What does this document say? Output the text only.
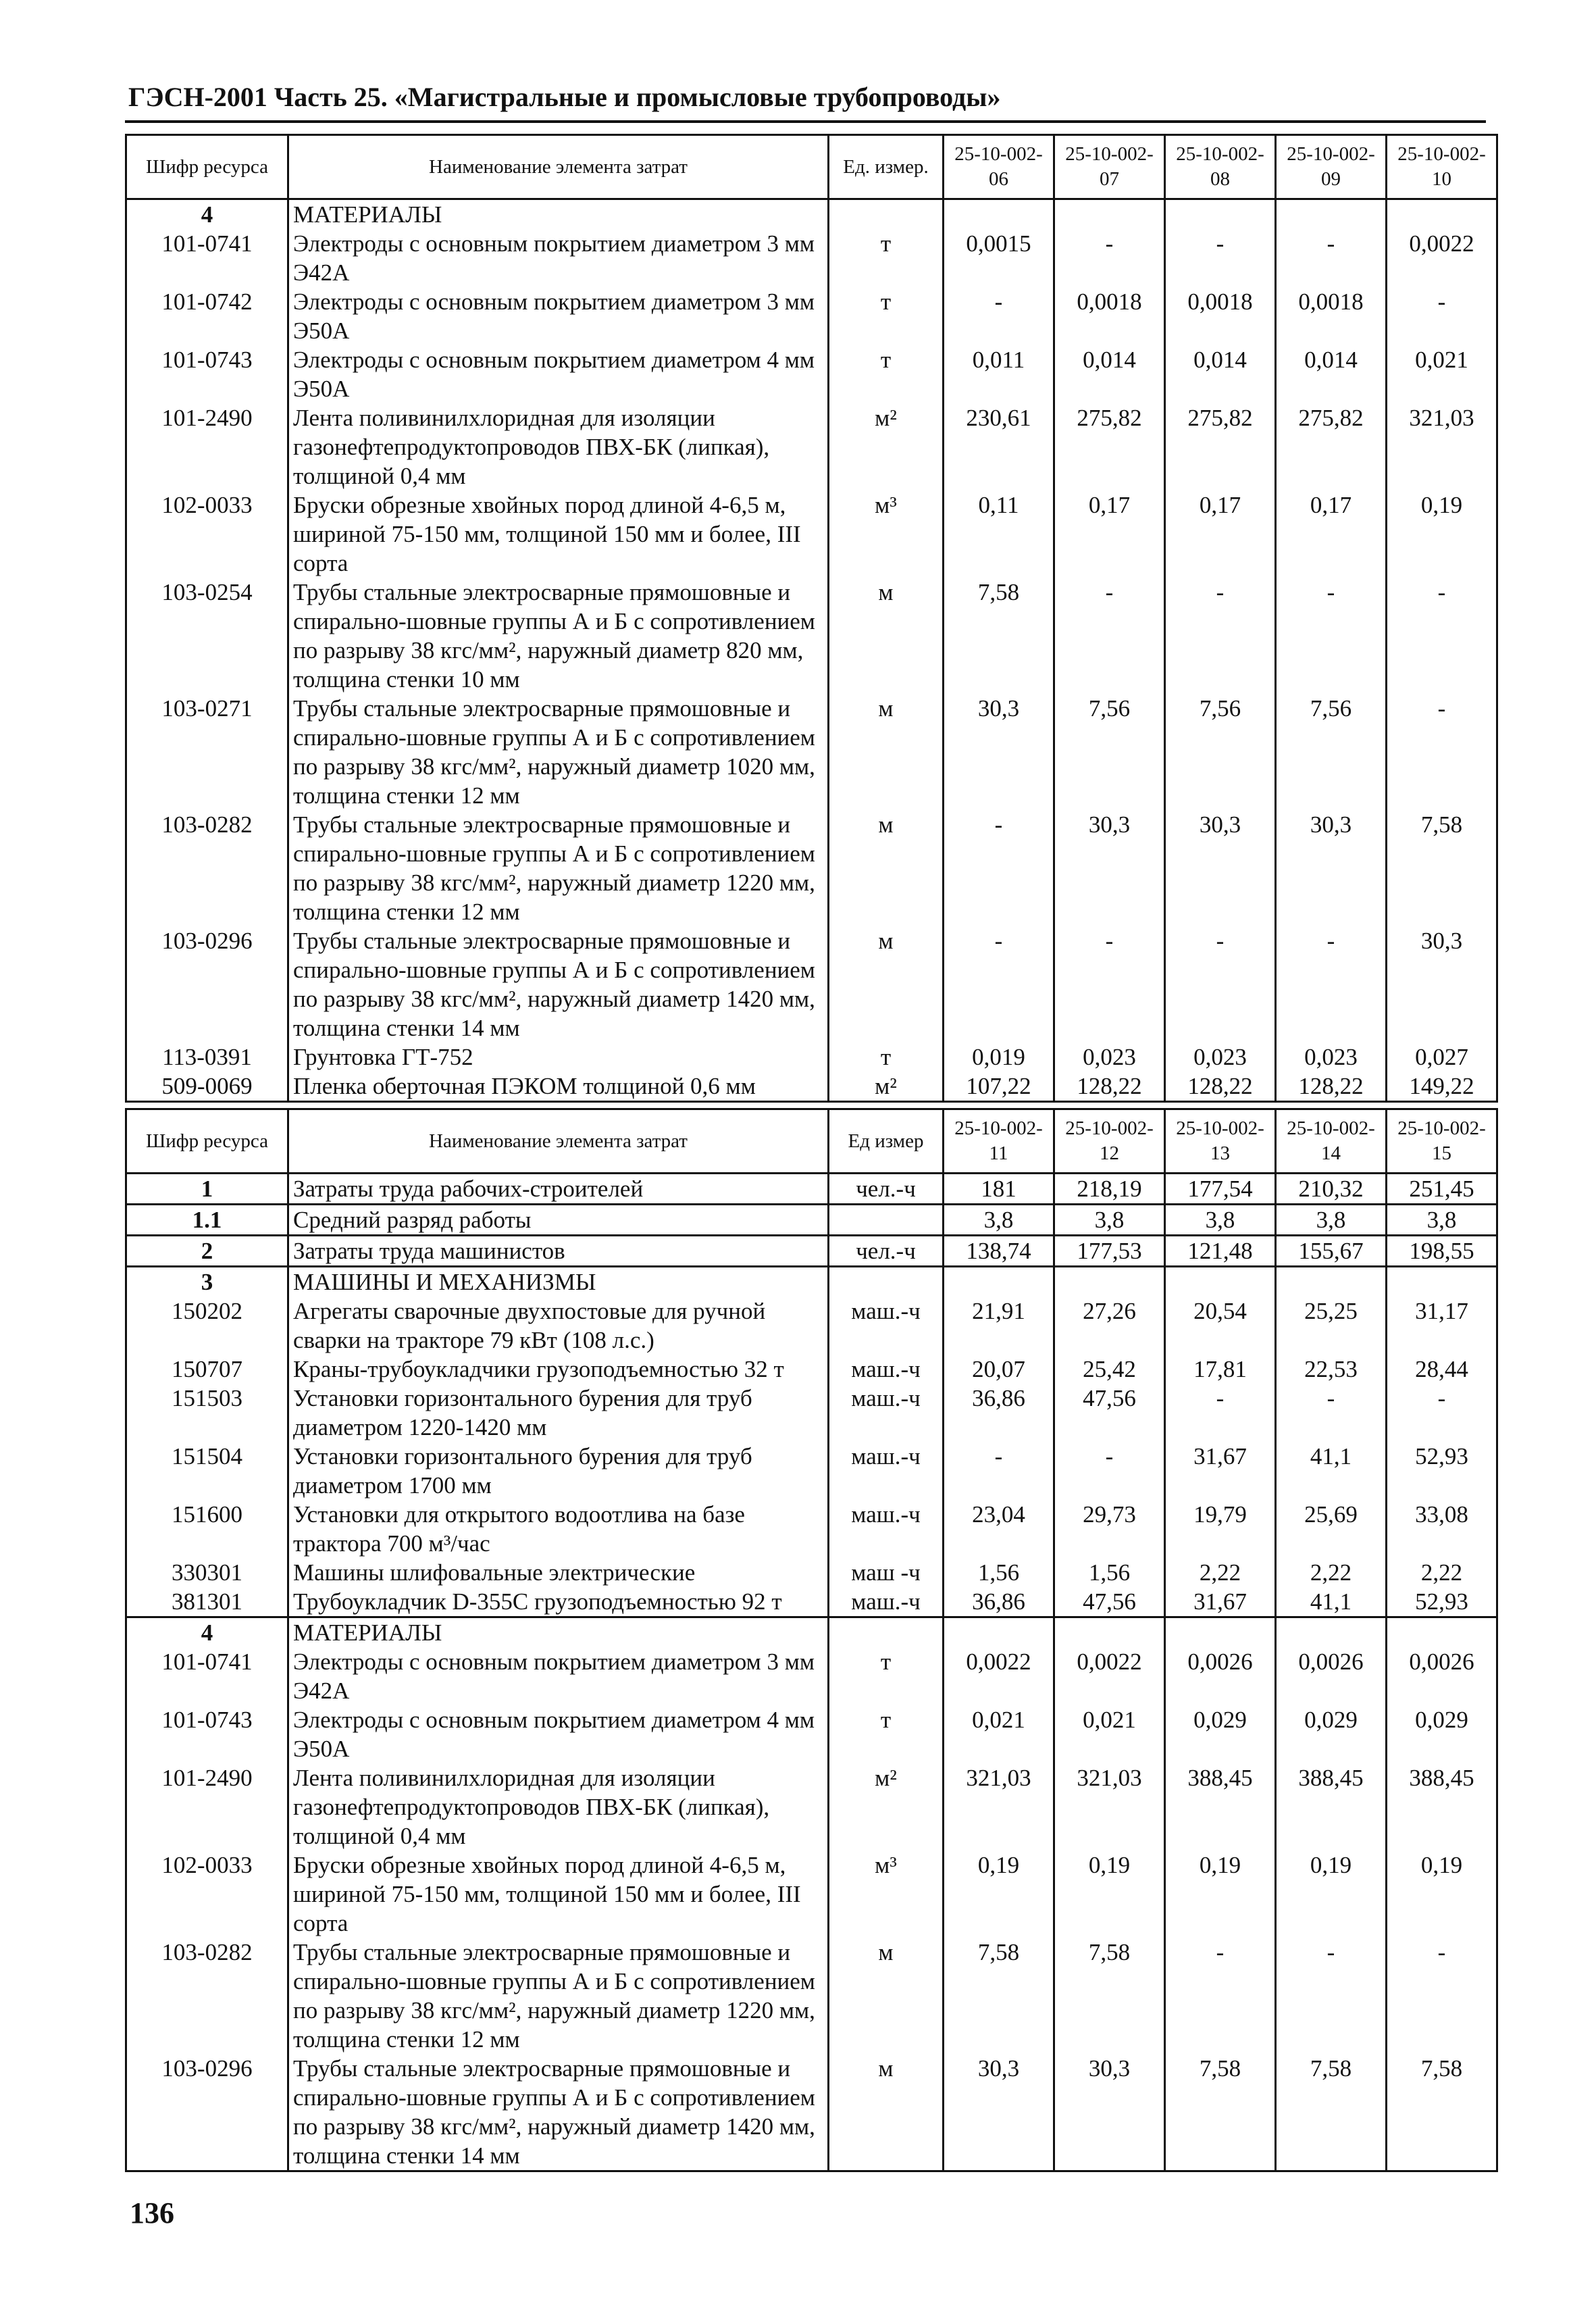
ГЭСН-2001 Часть 25. «Магистральные и промысловые трубопроводы»
Шифр ресурса	Наименование элемента затрат	Ед. измер.	25-10-002-06	25-10-002-07	25-10-002-08	25-10-002-09	25-10-002-10
4	МАТЕРИАЛЫ						
101-0741	Электроды с основным покрытием диаметром 3 мм Э42А	т	0,0015	-	-	-	0,0022
101-0742	Электроды с основным покрытием диаметром 3 мм Э50А	т	-	0,0018	0,0018	0,0018	-
101-0743	Электроды с основным покрытием диаметром 4 мм Э50А	т	0,011	0,014	0,014	0,014	0,021
101-2490	Лента поливинилхлоридная для изоляции газонефтепродуктопроводов ПВХ-БК (липкая), толщиной 0,4 мм	м²	230,61	275,82	275,82	275,82	321,03
102-0033	Бруски обрезные хвойных пород длиной 4-6,5 м, шириной 75-150 мм, толщиной 150 мм и более, III сорта	м³	0,11	0,17	0,17	0,17	0,19
103-0254	Трубы стальные электросварные прямошовные и спирально-шовные группы А и Б с сопротивлением по разрыву 38 кгс/мм², наружный диаметр 820 мм, толщина стенки 10 мм	м	7,58	-	-	-	-
103-0271	Трубы стальные электросварные прямошовные и спирально-шовные группы А и Б с сопротивлением по разрыву 38 кгс/мм², наружный диаметр 1020 мм, толщина стенки 12 мм	м	30,3	7,56	7,56	7,56	-
103-0282	Трубы стальные электросварные прямошовные и спирально-шовные группы А и Б с сопротивлением по разрыву 38 кгс/мм², наружный диаметр 1220 мм, толщина стенки 12 мм	м	-	30,3	30,3	30,3	7,58
103-0296	Трубы стальные электросварные прямошовные и спирально-шовные группы А и Б с сопротивлением по разрыву 38 кгс/мм², наружный диаметр 1420 мм, толщина стенки 14 мм	м	-	-	-	-	30,3
113-0391	Грунтовка ГТ-752	т	0,019	0,023	0,023	0,023	0,027
509-0069	Пленка оберточная ПЭКОМ толщиной 0,6 мм	м²	107,22	128,22	128,22	128,22	149,22
Шифр ресурса	Наименование элемента затрат	Ед измер	25-10-002-11	25-10-002-12	25-10-002-13	25-10-002-14	25-10-002-15
1	Затраты труда рабочих-строителей	чел.-ч	181	218,19	177,54	210,32	251,45
1.1	Средний разряд работы		3,8	3,8	3,8	3,8	3,8
2	Затраты труда машинистов	чел.-ч	138,74	177,53	121,48	155,67	198,55
3	МАШИНЫ И МЕХАНИЗМЫ						
150202	Агрегаты сварочные двухпостовые для ручной сварки на тракторе 79 кВт (108 л.с.)	маш.-ч	21,91	27,26	20,54	25,25	31,17
150707	Краны-трубоукладчики грузоподъемностью 32 т	маш.-ч	20,07	25,42	17,81	22,53	28,44
151503	Установки горизонтального бурения для труб диаметром 1220-1420 мм	маш.-ч	36,86	47,56	-	-	-
151504	Установки горизонтального бурения для труб диаметром 1700 мм	маш.-ч	-	-	31,67	41,1	52,93
151600	Установки для открытого водоотлива на базе трактора 700 м³/час	маш.-ч	23,04	29,73	19,79	25,69	33,08
330301	Машины шлифовальные электрические	маш -ч	1,56	1,56	2,22	2,22	2,22
381301	Трубоукладчик D-355С грузоподъемностью 92 т	маш.-ч	36,86	47,56	31,67	41,1	52,93
4	МАТЕРИАЛЫ						
101-0741	Электроды с основным покрытием диаметром 3 мм Э42А	т	0,0022	0,0022	0,0026	0,0026	0,0026
101-0743	Электроды с основным покрытием диаметром 4 мм Э50А	т	0,021	0,021	0,029	0,029	0,029
101-2490	Лента поливинилхлоридная для изоляции газонефтепродуктопроводов ПВХ-БК (липкая), толщиной 0,4 мм	м²	321,03	321,03	388,45	388,45	388,45
102-0033	Бруски обрезные хвойных пород длиной 4-6,5 м, шириной 75-150 мм, толщиной 150 мм и более, III сорта	м³	0,19	0,19	0,19	0,19	0,19
103-0282	Трубы стальные электросварные прямошовные и спирально-шовные группы А и Б с сопротивлением по разрыву 38 кгс/мм², наружный диаметр 1220 мм, толщина стенки 12 мм	м	7,58	7,58	-	-	-
103-0296	Трубы стальные электросварные прямошовные и спирально-шовные группы А и Б с сопротивлением по разрыву 38 кгс/мм², наружный диаметр 1420 мм, толщина стенки 14 мм	м	30,3	30,3	7,58	7,58	7,58
136
